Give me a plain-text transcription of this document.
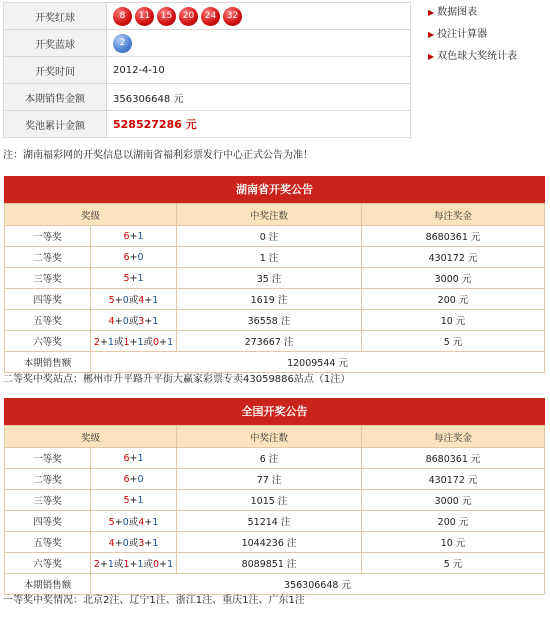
开奖红球	8 11 15 20 24 32
开奖蓝球	2
开奖时间	2012-4-10
本期销售金额	356306648 元
奖池累计金额	528527286 元
▶ 数据图表
▶ 投注计算器
▶ 双色球大奖统计表
注：湖南福彩网的开奖信息以湖南省福利彩票发行中心正式公告为准！
湖南省开奖公告
奖级		中奖注数	每注奖金
一等奖	6+1	0 注	8680361 元
二等奖	6+0	1 注	430172 元
三等奖	5+1	35 注	3000 元
四等奖	5+0或4+1	1619 注	200 元
五等奖	4+0或3+1	36558 注	10 元
六等奖	2+1或1+1或0+1	273667 注	5 元
本期销售额	12009544 元		
二等奖中奖站点：郴州市升平路升平街大赢家彩票专卖43059886站点（1注）
全国开奖公告
奖级		中奖注数	每注奖金
一等奖	6+1	6 注	8680361 元
二等奖	6+0	77 注	430172 元
三等奖	5+1	1015 注	3000 元
四等奖	5+0或4+1	51214 注	200 元
五等奖	4+0或3+1	1044236 注	10 元
六等奖	2+1或1+1或0+1	8089851 注	5 元
本期销售额	356306648 元		
一等奖中奖情况：北京2注、辽宁1注、浙江1注、重庆1注、广东1注
